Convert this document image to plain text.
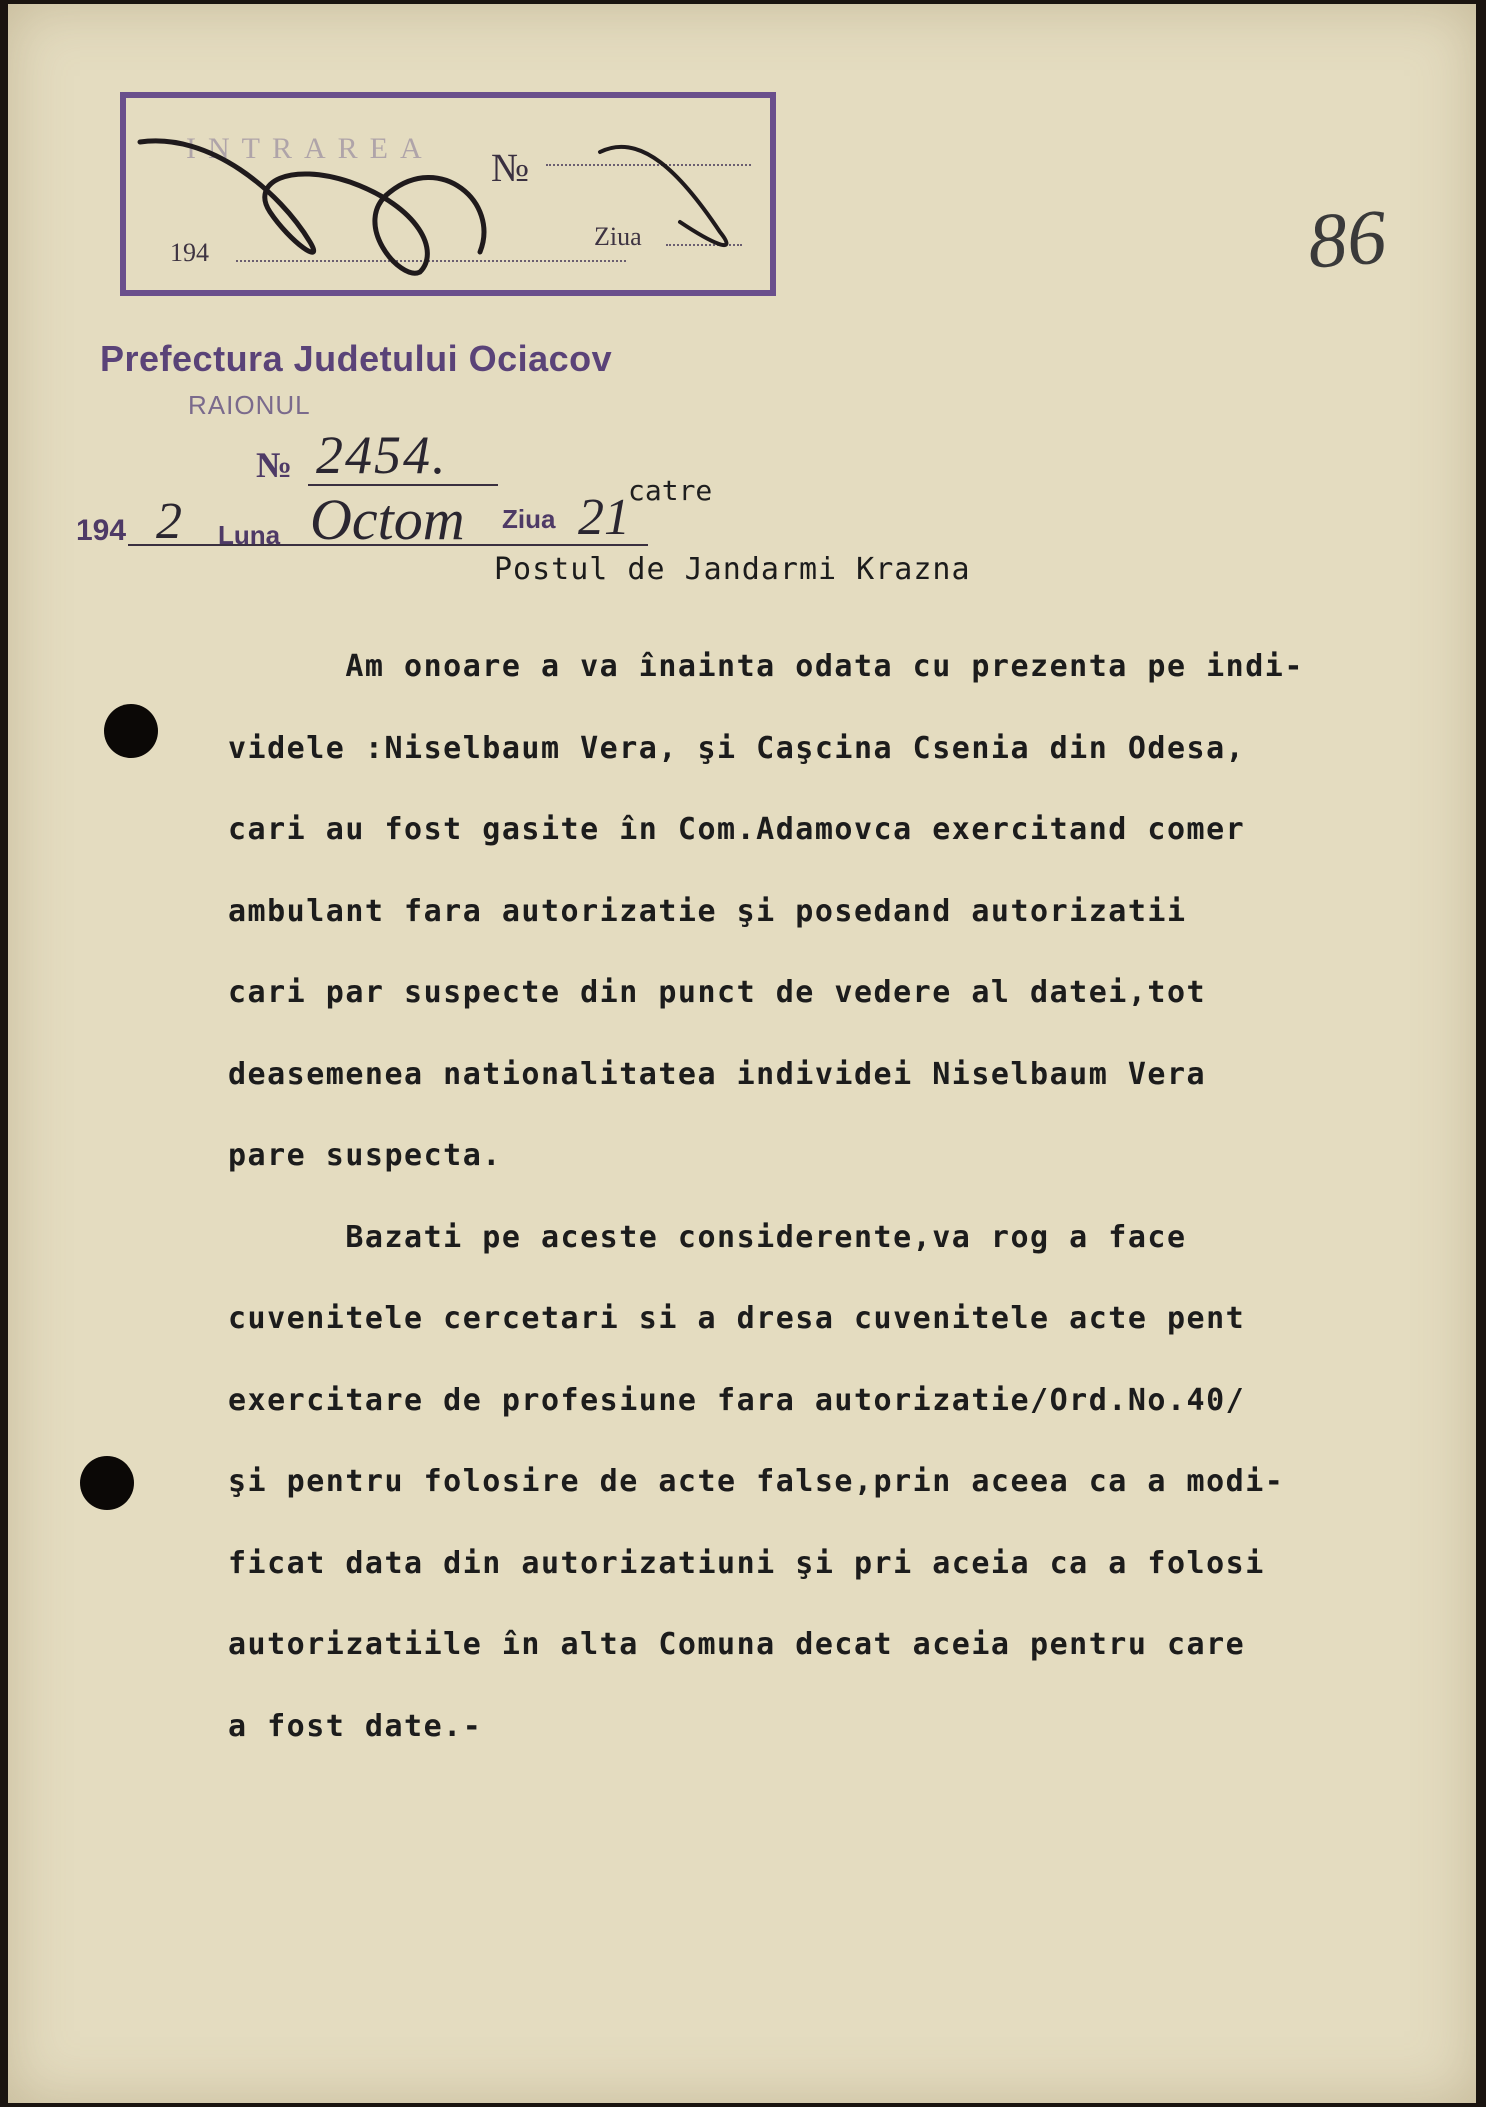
INTRAREA №
194
Ziua	86
Prefectura Judetului Ociacov
RAIONUL
№ 2454.
194 2 Luna Octom Ziua 21
catre
Postul de Jandarmi Krazna
Am onoare a va înainta odata cu prezenta pe indi-
videle :Niselbaum Vera, şi Caşcina Csenia din Odesa,
cari au fost gasite în Com.Adamovca exercitand comer
ambulant fara autorizatie şi posedand autorizatii
cari par suspecte din punct de vedere al datei,tot
deasemenea nationalitatea individei Niselbaum Vera
pare suspecta.
Bazati pe aceste considerente,va rog a face
cuvenitele cercetari si a dresa cuvenitele acte pent
exercitare de profesiune fara autorizatie/Ord.No.40/
şi pentru folosire de acte false,prin aceea ca a modi-
ficat data din autorizatiuni şi pri aceia ca a folosi
autorizatiile în alta Comuna decat aceia pentru care
a fost date.-
